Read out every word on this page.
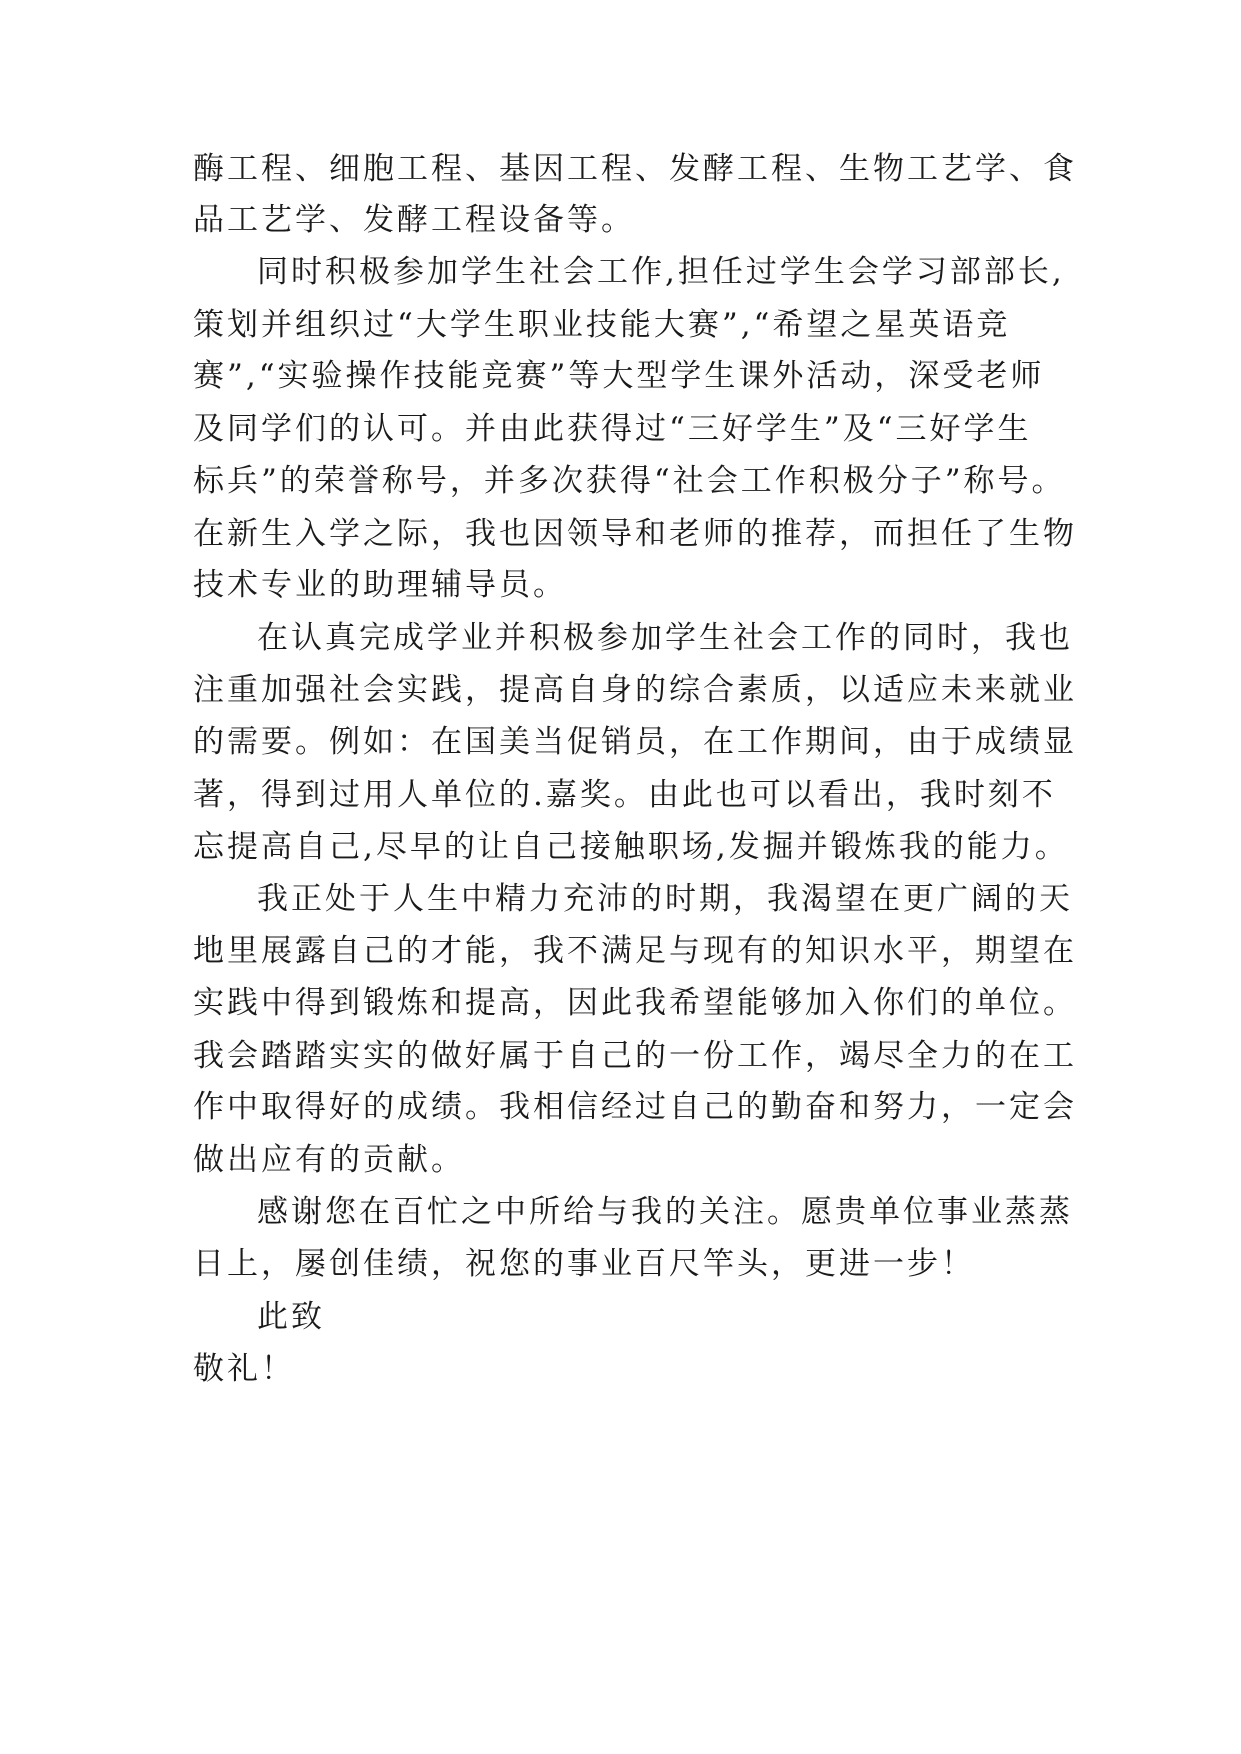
酶工程、细胞工程、基因工程、发酵工程、生物工艺学、食

品工艺学、发酵工程设备等。

同时积极参加学生社会工作,担任过学生会学习部部长,

策划并组织过“大学生职业技能大赛”,“希望之星英语竞

赛”,“实验操作技能竞赛”等大型学生课外活动，深受老师

及同学们的认可。并由此获得过“三好学生”及“三好学生

标兵”的荣誉称号，并多次获得“社会工作积极分子”称号。

在新生入学之际，我也因领导和老师的推荐，而担任了生物

技术专业的助理辅导员。

在认真完成学业并积极参加学生社会工作的同时，我也

注重加强社会实践，提高自身的综合素质，以适应未来就业

的需要。例如：在国美当促销员，在工作期间，由于成绩显

著，得到过用人单位的.嘉奖。由此也可以看出，我时刻不

忘提高自己,尽早的让自己接触职场,发掘并锻炼我的能力。

我正处于人生中精力充沛的时期，我渴望在更广阔的天

地里展露自己的才能，我不满足与现有的知识水平，期望在

实践中得到锻炼和提高，因此我希望能够加入你们的单位。

我会踏踏实实的做好属于自己的一份工作，竭尽全力的在工

作中取得好的成绩。我相信经过自己的勤奋和努力，一定会

做出应有的贡献。

感谢您在百忙之中所给与我的关注。愿贵单位事业蒸蒸

日上，屡创佳绩，祝您的事业百尺竿头，更进一步！

此致

敬礼！
